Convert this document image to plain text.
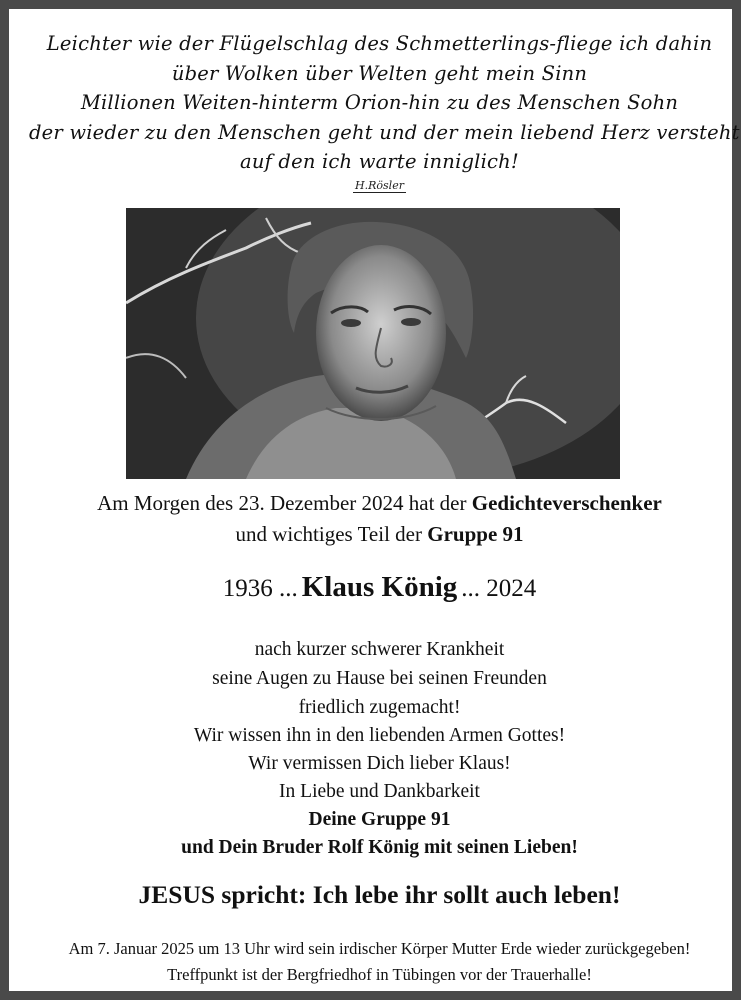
Leichter wie der Flügelschlag des Schmetterlings-fliege ich dahin
über Wolken über Welten geht mein Sinn
Millionen Weiten-hinterm Orion-hin zu des Menschen Sohn
der wieder zu den Menschen geht und der mein liebend Herz versteht
auf den ich warte inniglich!
H.Rösler
Am Morgen des 23. Dezember 2024 hat der Gedichteverschenker
und wichtiges Teil der Gruppe 91
1936 ... Klaus König ... 2024
nach kurzer schwerer Krankheit
seine Augen zu Hause bei seinen Freunden
friedlich zugemacht!
Wir wissen ihn in den liebenden Armen Gottes!
Wir vermissen Dich lieber Klaus!
In Liebe und Dankbarkeit
Deine Gruppe 91
und Dein Bruder Rolf König mit seinen Lieben!
JESUS spricht: Ich lebe ihr sollt auch leben!
Am 7. Januar 2025 um 13 Uhr wird sein irdischer Körper Mutter Erde wieder zurückgegeben!
Treffpunkt ist der Bergfriedhof in Tübingen vor der Trauerhalle!
